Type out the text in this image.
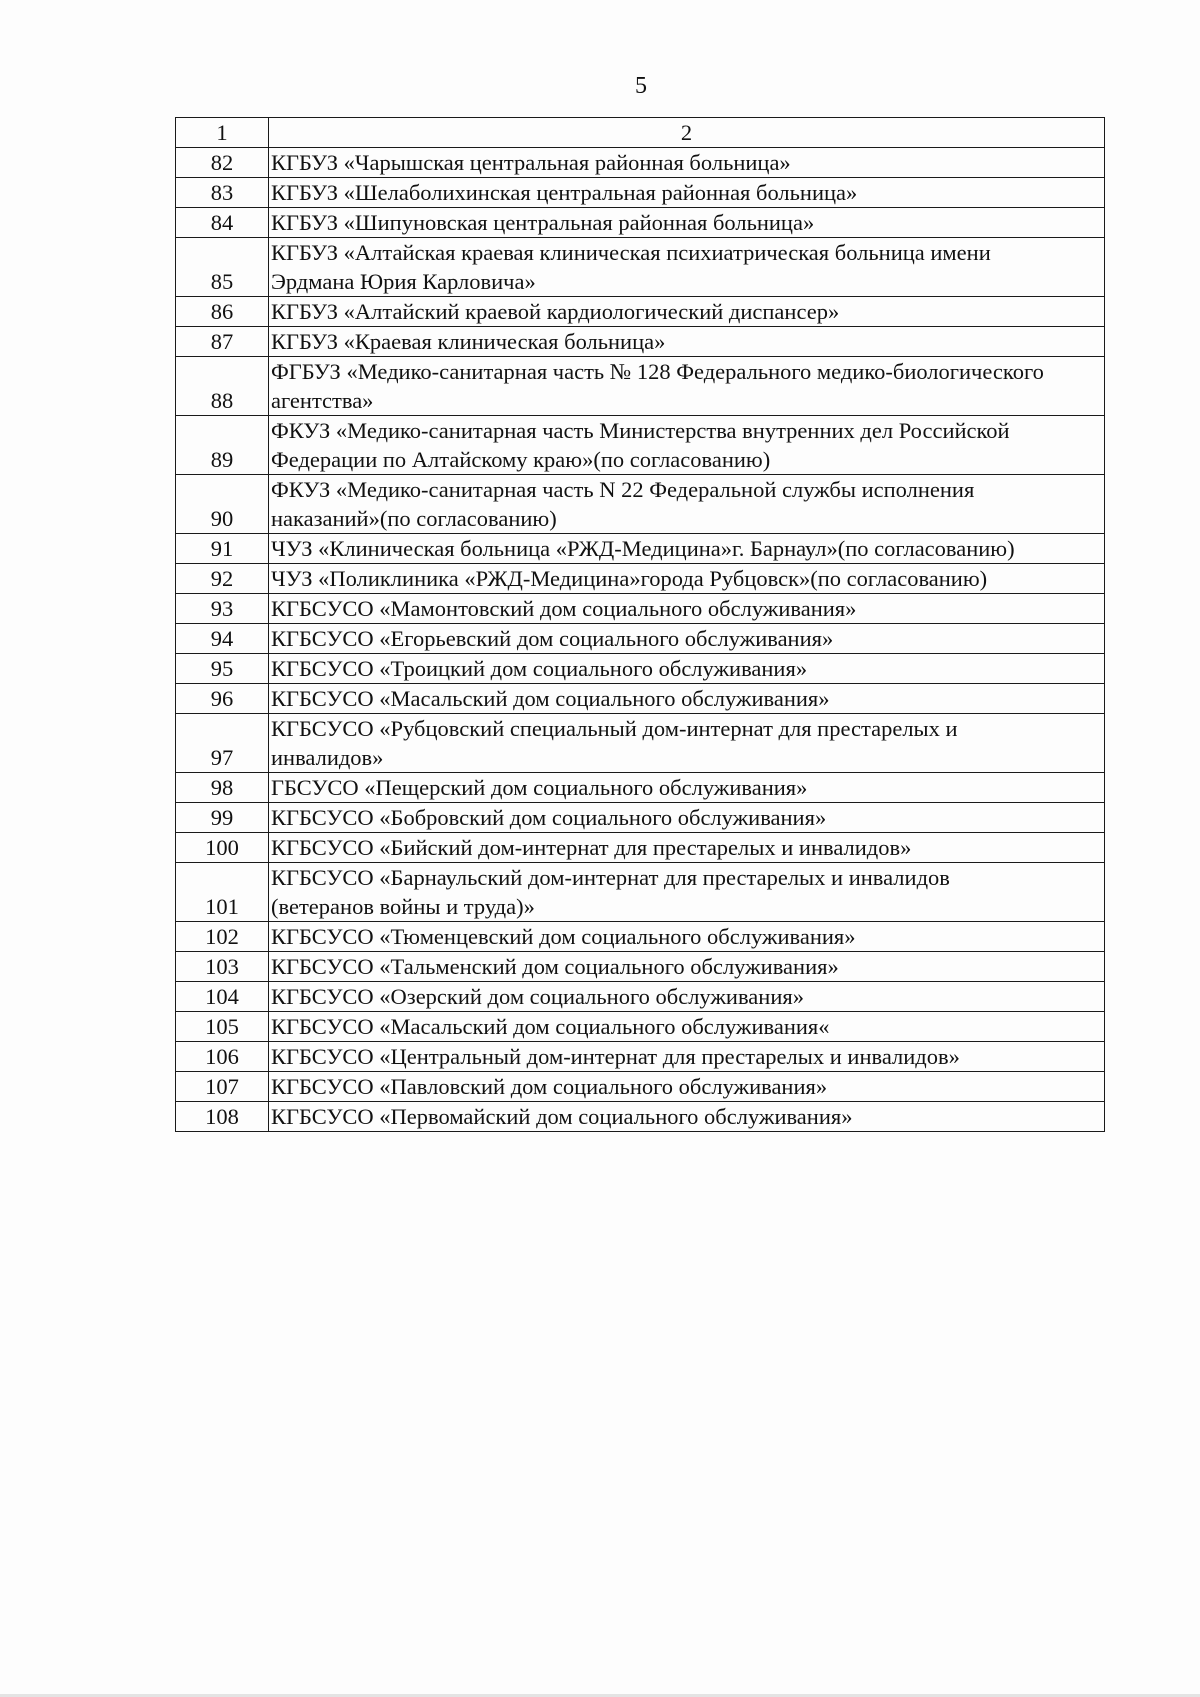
5
1	2
82	КГБУЗ «Чарышская центральная районная больница»
83	КГБУЗ «Шелаболихинская центральная районная больница»
84	КГБУЗ «Шипуновская центральная районная больница»
85	КГБУЗ «Алтайская краевая клиническая психиатрическая больница имени
Эрдмана Юрия Карловича»
86	КГБУЗ «Алтайский краевой кардиологический диспансер»
87	КГБУЗ «Краевая клиническая больница»
88	ФГБУЗ «Медико-санитарная часть № 128 Федерального медико-биологического
агентства»
89	ФКУЗ «Медико-санитарная часть Министерства внутренних дел Российской
Федерации по Алтайскому краю»(по согласованию)
90	ФКУЗ «Медико-санитарная часть N 22 Федеральной службы исполнения
наказаний»(по согласованию)
91	ЧУЗ «Клиническая больница «РЖД-Медицина»г. Барнаул»(по согласованию)
92	ЧУЗ «Поликлиника «РЖД-Медицина»города Рубцовск»(по согласованию)
93	КГБСУСО «Мамонтовский дом социального обслуживания»
94	КГБСУСО «Егорьевский дом социального обслуживания»
95	КГБСУСО «Троицкий дом социального обслуживания»
96	КГБСУСО «Масальский дом социального обслуживания»
97	КГБСУСО «Рубцовский специальный дом-интернат для престарелых и
инвалидов»
98	ГБСУСО «Пещерский дом социального обслуживания»
99	КГБСУСО «Бобровский дом социального обслуживания»
100	КГБСУСО «Бийский дом-интернат для престарелых и инвалидов»
101	КГБСУСО «Барнаульский дом-интернат для престарелых и инвалидов
(ветеранов войны и труда)»
102	КГБСУСО «Тюменцевский дом социального обслуживания»
103	КГБСУСО «Тальменский дом социального обслуживания»
104	КГБСУСО «Озерский дом социального обслуживания»
105	КГБСУСО «Масальский дом социального обслуживания«
106	КГБСУСО «Центральный дом-интернат для престарелых и инвалидов»
107	КГБСУСО «Павловский дом социального обслуживания»
108	КГБСУСО «Первомайский дом социального обслуживания»
